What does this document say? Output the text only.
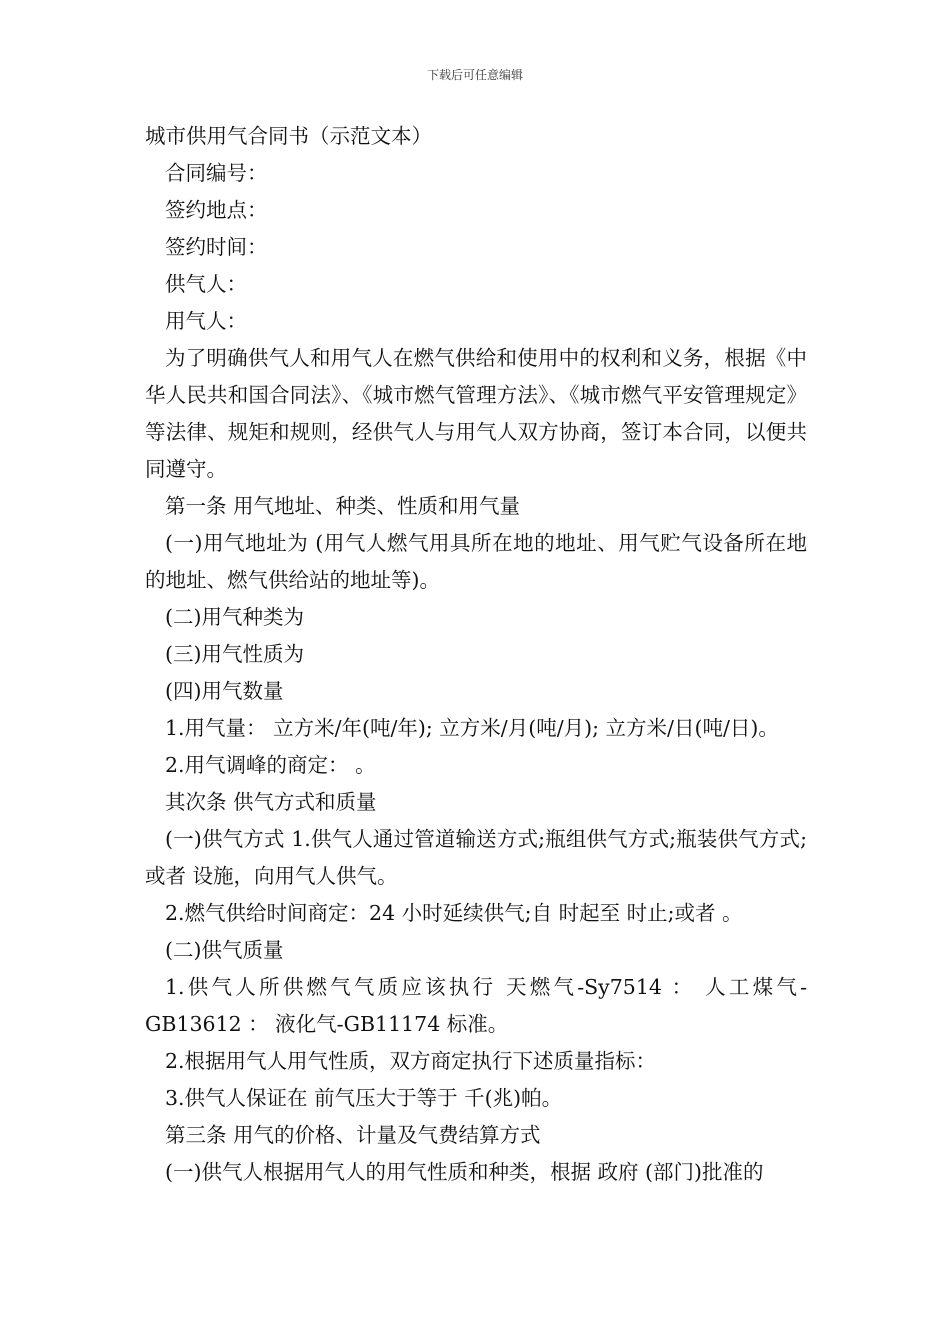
下载后可任意编辑

城市供用气合同书（示范文本）

合同编号：

签约地点：

签约时间：

供气人：

用气人：

为了明确供气人和用气人在燃气供给和使用中的权利和义务，根据《中华人民共和国合同法》、《城市燃气管理方法》、《城市燃气平安管理规定》等法律、规矩和规则，经供气人与用气人双方协商，签订本合同，以便共同遵守。

第一条 用气地址、种类、性质和用气量

(一)用气地址为 (用气人燃气用具所在地的地址、用气贮气设备所在地的地址、燃气供给站的地址等)。

(二)用气种类为

(三)用气性质为

(四)用气数量

1.用气量： 立方米/年(吨/年); 立方米/月(吨/月); 立方米/日(吨/日)。

2.用气调峰的商定： 。

其次条 供气方式和质量

(一)供气方式 1.供气人通过管道输送方式;瓶组供气方式;瓶装供气方式;或者 设施，向用气人供气。

2.燃气供给时间商定：24 小时延续供气;自 时起至 时止;或者 。

(二)供气质量

1.供气人所供燃气气质应该执行 天燃气-Sy7514 ： 人工煤气-GB13612 ： 液化气-GB11174 标准。

2.根据用气人用气性质，双方商定执行下述质量指标：

3.供气人保证在 前气压大于等于 千(兆)帕。

第三条 用气的价格、计量及气费结算方式

(一)供气人根据用气人的用气性质和种类，根据 政府 (部门)批准的
